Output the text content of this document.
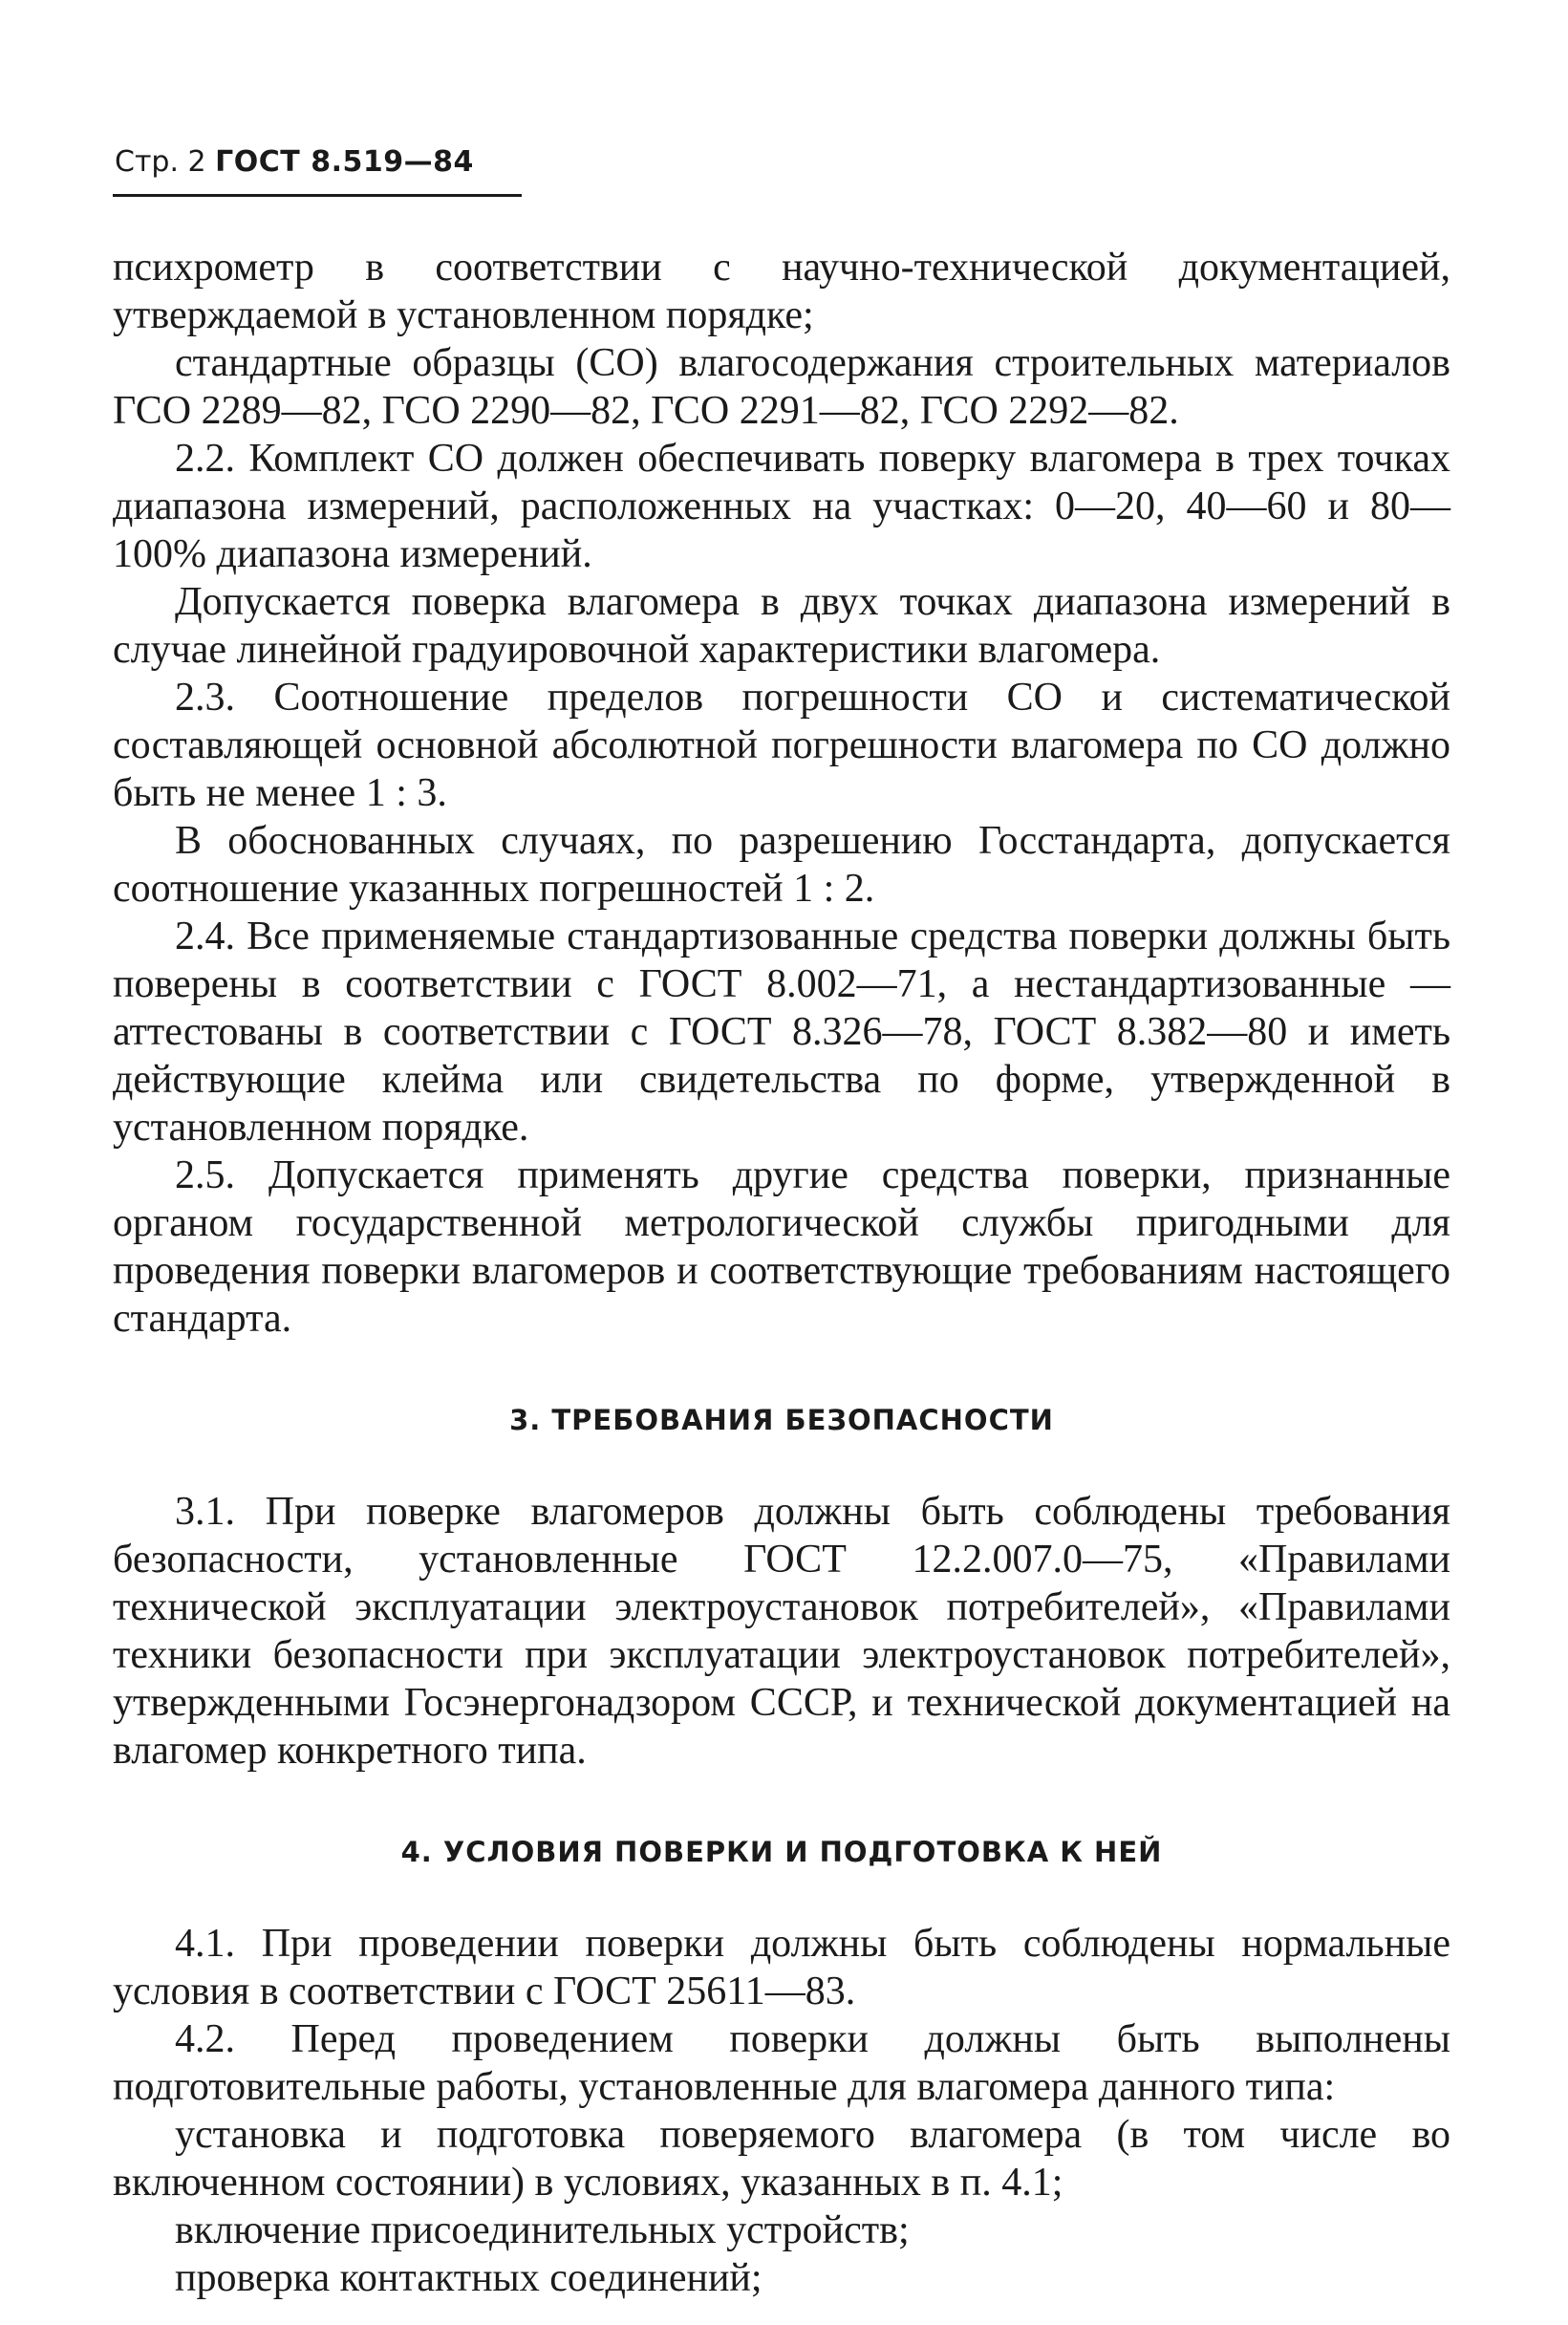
Стр. 2 ГОСТ 8.519—84

психрометр в соответствии с научно-технической документацией, утверждаемой в установленном порядке;

стандартные образцы (СО) влагосодержания строительных материалов ГСО 2289—82, ГСО 2290—82, ГСО 2291—82, ГСО 2292—82.

2.2. Комплект СО должен обеспечивать поверку влагомера в трех точках диапазона измерений, расположенных на участках: 0—20, 40—60 и 80—100% диапазона измерений.

Допускается поверка влагомера в двух точках диапазона измерений в случае линейной градуировочной характеристики влагомера.

2.3. Соотношение пределов погрешности СО и систематической составляющей основной абсолютной погрешности влагомера по СО должно быть не менее 1 : 3.

В обоснованных случаях, по разрешению Госстандарта, допускается соотношение указанных погрешностей 1 : 2.

2.4. Все применяемые стандартизованные средства поверки должны быть поверены в соответствии с ГОСТ 8.002—71, а нестандартизованные — аттестованы в соответствии с ГОСТ 8.326—78, ГОСТ 8.382—80 и иметь действующие клейма или свидетельства по форме, утвержденной в установленном порядке.

2.5. Допускается применять другие средства поверки, признанные органом государственной метрологической службы пригодными для проведения поверки влагомеров и соответствующие требованиям настоящего стандарта.

3. ТРЕБОВАНИЯ БЕЗОПАСНОСТИ

3.1. При поверке влагомеров должны быть соблюдены требования безопасности, установленные ГОСТ 12.2.007.0—75, «Правилами технической эксплуатации электроустановок потребителей», «Правилами техники безопасности при эксплуатации электроустановок потребителей», утвержденными Госэнергонадзором СССР, и технической документацией на влагомер конкретного типа.

4. УСЛОВИЯ ПОВЕРКИ И ПОДГОТОВКА К НЕЙ

4.1. При проведении поверки должны быть соблюдены нормальные условия в соответствии с ГОСТ 25611—83.

4.2. Перед проведением поверки должны быть выполнены подготовительные работы, установленные для влагомера данного типа:

установка и подготовка поверяемого влагомера (в том числе во включенном состоянии) в условиях, указанных в п. 4.1;

включение присоединительных устройств;

проверка контактных соединений;
